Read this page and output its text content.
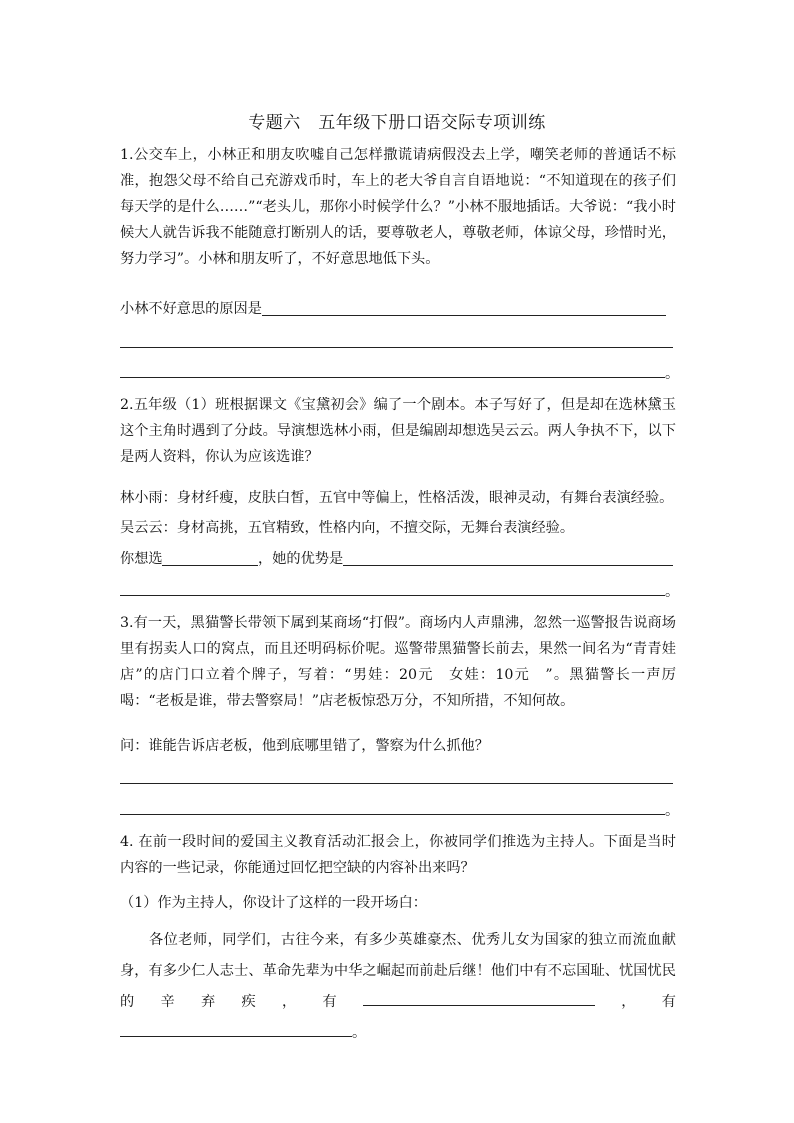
专题六　五年级下册口语交际专项训练
1.公交车上，小林正和朋友吹嘘自己怎样撒谎请病假没去上学，嘲笑老师的普通话不标准，抱怨父母不给自己充游戏币时，车上的老大爷自言自语地说：“不知道现在的孩子们每天学的是什么……”“老头儿，那你小时候学什么？”小林不服地插话。大爷说：“我小时候大人就告诉我不能随意打断别人的话，要尊敬老人，尊敬老师，体谅父母，珍惜时光，努力学习”。小林和朋友听了，不好意思地低下头。
小林不好意思的原因是
。
2.五年级（1）班根据课文《宝黛初会》编了一个剧本。本子写好了，但是却在选林黛玉这个主角时遇到了分歧。导演想选林小雨，但是编剧却想选吴云云。两人争执不下，以下是两人资料，你认为应该选谁？
林小雨：身材纤瘦，皮肤白皙，五官中等偏上，性格活泼，眼神灵动，有舞台表演经验。
吴云云：身材高挑，五官精致，性格内向，不擅交际，无舞台表演经验。
你想选	，她的优势是
。
3.有一天，黑猫警长带领下属到某商场“打假”。商场内人声鼎沸，忽然一巡警报告说商场里有拐卖人口的窝点，而且还明码标价呢。巡警带黑猫警长前去，果然一间名为“青青娃店”的店门口立着个牌子，写着：“男娃：20元　女娃：10元　”。黑猫警长一声厉喝：“老板是谁，带去警察局！”店老板惊恐万分，不知所措，不知何故。
问：谁能告诉店老板，他到底哪里错了，警察为什么抓他？
。
4. 在前一段时间的爱国主义教育活动汇报会上，你被同学们推选为主持人。下面是当时内容的一些记录，你能通过回忆把空缺的内容补出来吗？
（1）作为主持人，你设计了这样的一段开场白：
各位老师，同学们，古往今来，有多少英雄豪杰、优秀儿女为国家的独立而流血献身，有多少仁人志士、革命先辈为中华之崛起而前赴后继！他们中有不忘国耻、忧国忧民的辛弃疾，有	，有。
